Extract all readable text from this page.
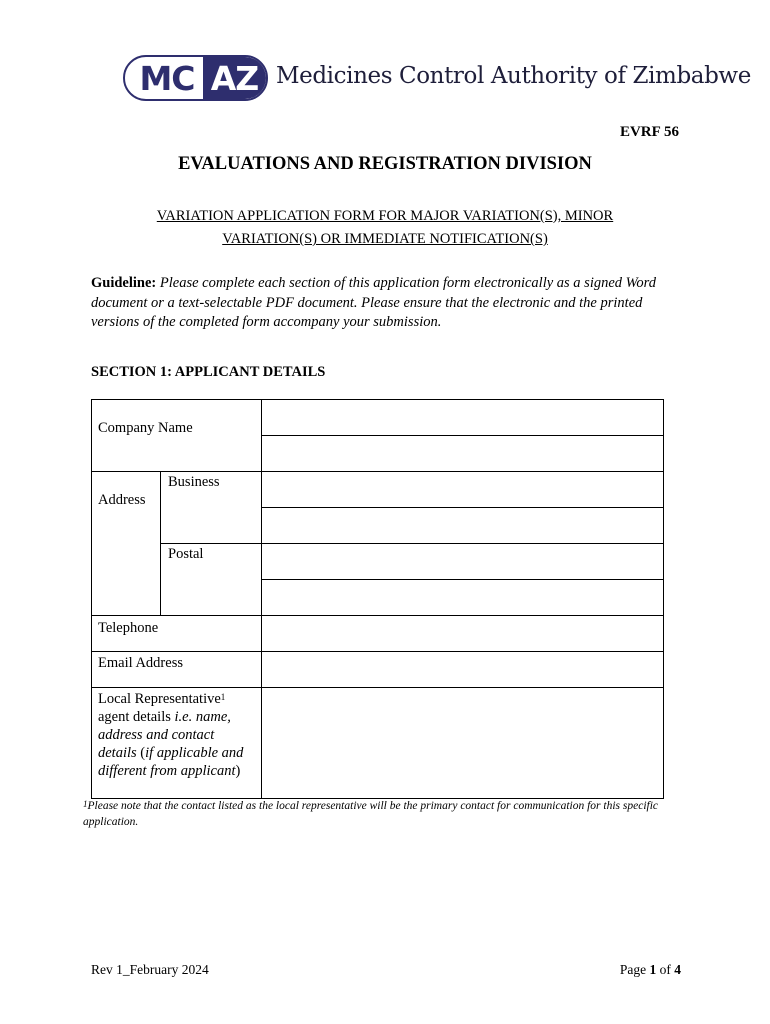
MC AZ Medicines Control Authority of Zimbabwe
EVRF 56
EVALUATIONS AND REGISTRATION DIVISION
VARIATION APPLICATION FORM FOR MAJOR VARIATION(S), MINOR
VARIATION(S) OR IMMEDIATE NOTIFICATION(S)
Guideline: Please complete each section of this application form electronically as a signed Word document or a text-selectable PDF document. Please ensure that the electronic and the printed versions of the completed form accompany your submission.
SECTION 1: APPLICANT DETAILS
Company Name
Address
Business
Postal
Telephone
Email Address
Local Representative$^1$
agent details i.e. name,
address and contact
details (if applicable and
different from applicant)
$^1$Please note that the contact listed as the local representative will be the primary contact for communication for this specific application.
Rev 1_February 2024	Page 1 of 4
